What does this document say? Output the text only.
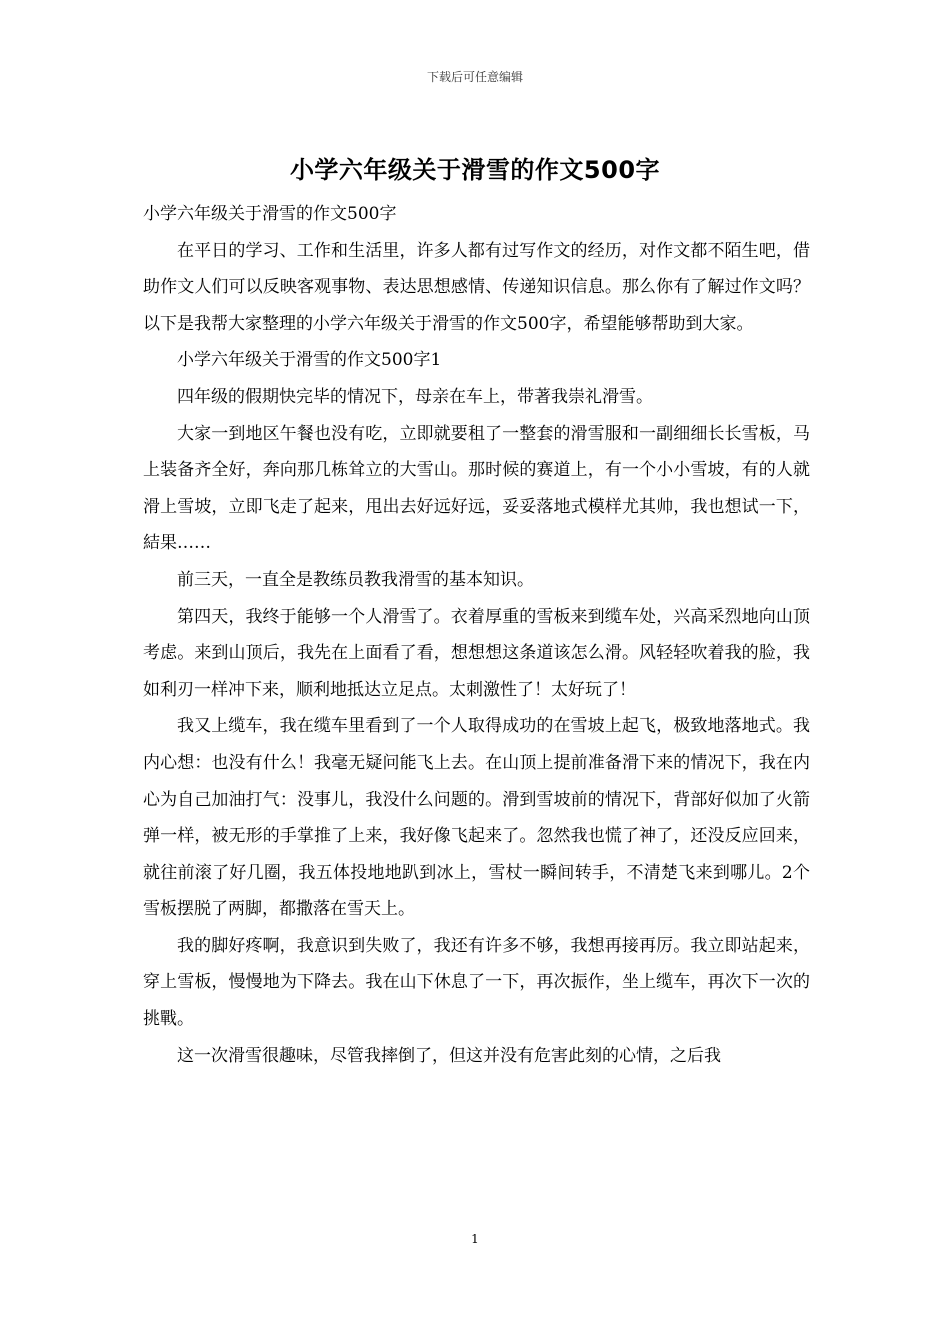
下载后可任意编辑
小学六年级关于滑雪的作文500字

小学六年级关于滑雪的作文500字

在平日的学习、工作和生活里，许多人都有过写作文的经历，对作文都不陌生吧，借助作文人们可以反映客观事物、表达思想感情、传递知识信息。那么你有了解过作文吗？以下是我帮大家整理的小学六年级关于滑雪的作文500字，希望能够帮助到大家。

小学六年级关于滑雪的作文500字1

四年级的假期快完毕的情况下，母亲在车上，带著我崇礼滑雪。

大家一到地区午餐也没有吃，立即就要租了一整套的滑雪服和一副细细长长雪板，马上装备齐全好，奔向那几栋耸立的大雪山。那时候的赛道上，有一个小小雪坡，有的人就滑上雪坡，立即飞走了起来，甩出去好远好远，妥妥落地式模样尤其帅，我也想试一下，結果……

前三天，一直全是教练员教我滑雪的基本知识。

第四天，我终于能够一个人滑雪了。衣着厚重的雪板来到缆车处，兴高采烈地向山顶考虑。来到山顶后，我先在上面看了看，想想想这条道该怎么滑。风轻轻吹着我的脸，我如利刃一样冲下来，顺利地抵达立足点。太刺激性了！太好玩了！

我又上缆车，我在缆车里看到了一个人取得成功的在雪坡上起飞，极致地落地式。我内心想：也没有什么！我毫无疑问能飞上去。在山顶上提前准备滑下来的情况下，我在内心为自己加油打气：没事儿，我没什么问题的。滑到雪坡前的情况下，背部好似加了火箭弹一样，被无形的手掌推了上来，我好像飞起来了。忽然我也慌了神了，还没反应回来，就往前滚了好几圈，我五体投地地趴到冰上，雪杖一瞬间转手，不清楚飞来到哪儿。2个雪板摆脱了两脚，都撒落在雪天上。

我的脚好疼啊，我意识到失败了，我还有许多不够，我想再接再厉。我立即站起来，穿上雪板，慢慢地为下降去。我在山下休息了一下，再次振作，坐上缆车，再次下一次的挑戰。

这一次滑雪很趣味，尽管我摔倒了，但这并没有危害此刻的心情，之后我

1
